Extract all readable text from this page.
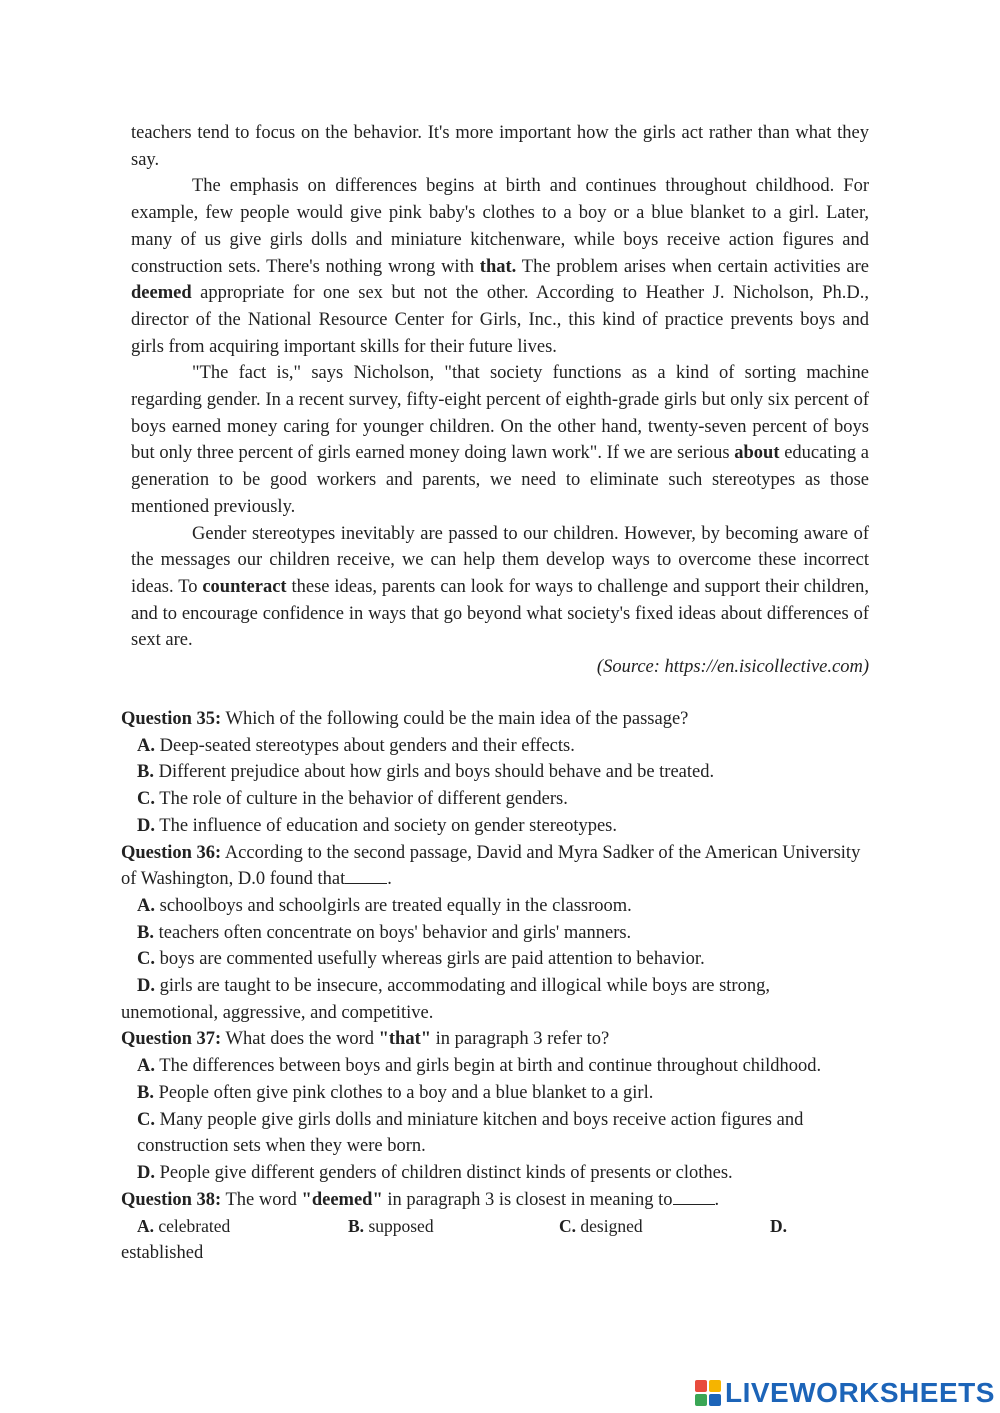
teachers tend to focus on the behavior. It's more important how the girls act rather than what they say.

The emphasis on differences begins at birth and continues throughout childhood. For example, few people would give pink baby's clothes to a boy or a blue blanket to a girl. Later, many of us give girls dolls and miniature kitchenware, while boys receive action figures and construction sets. There's nothing wrong with that. The problem arises when certain activities are deemed appropriate for one sex but not the other. According to Heather J. Nicholson, Ph.D., director of the National Resource Center for Girls, Inc., this kind of practice prevents boys and girls from acquiring important skills for their future lives.

"The fact is," says Nicholson, "that society functions as a kind of sorting machine regarding gender. In a recent survey, fifty-eight percent of eighth-grade girls but only six percent of boys earned money caring for younger children. On the other hand, twenty-seven percent of boys but only three percent of girls earned money doing lawn work". If we are serious about educating a generation to be good workers and parents, we need to eliminate such stereotypes as those mentioned previously.

Gender stereotypes inevitably are passed to our children. However, by becoming aware of the messages our children receive, we can help them develop ways to overcome these incorrect ideas. To counteract these ideas, parents can look for ways to challenge and support their children, and to encourage confidence in ways that go beyond what society's fixed ideas about differences of sext are.

(Source: https://en.isicollective.com)

Question 35: Which of the following could be the main idea of the passage?

A. Deep-seated stereotypes about genders and their effects.

B. Different prejudice about how girls and boys should behave and be treated.

C. The role of culture in the behavior of different genders.

D. The influence of education and society on gender stereotypes.

Question 36: According to the second passage, David and Myra Sadker of the American University of Washington, D.0 found that .

A. schoolboys and schoolgirls are treated equally in the classroom.

B. teachers often concentrate on boys' behavior and girls' manners.

C. boys are commented usefully whereas girls are paid attention to behavior.

D. girls are taught to be insecure, accommodating and illogical while boys are strong, unemotional, aggressive, and competitive.

Question 37: What does the word "that" in paragraph 3 refer to?

A. The differences between boys and girls begin at birth and continue throughout childhood.

B. People often give pink clothes to a boy and a blue blanket to a girl.

C. Many people give girls dolls and miniature kitchen and boys receive action figures and construction sets when they were born.

D. People give different genders of children distinct kinds of presents or clothes.

Question 38: The word "deemed" in paragraph 3 is closest in meaning to .

A. celebrated	B. supposed	C. designed	D.

established

LIVEWORKSHEETS
